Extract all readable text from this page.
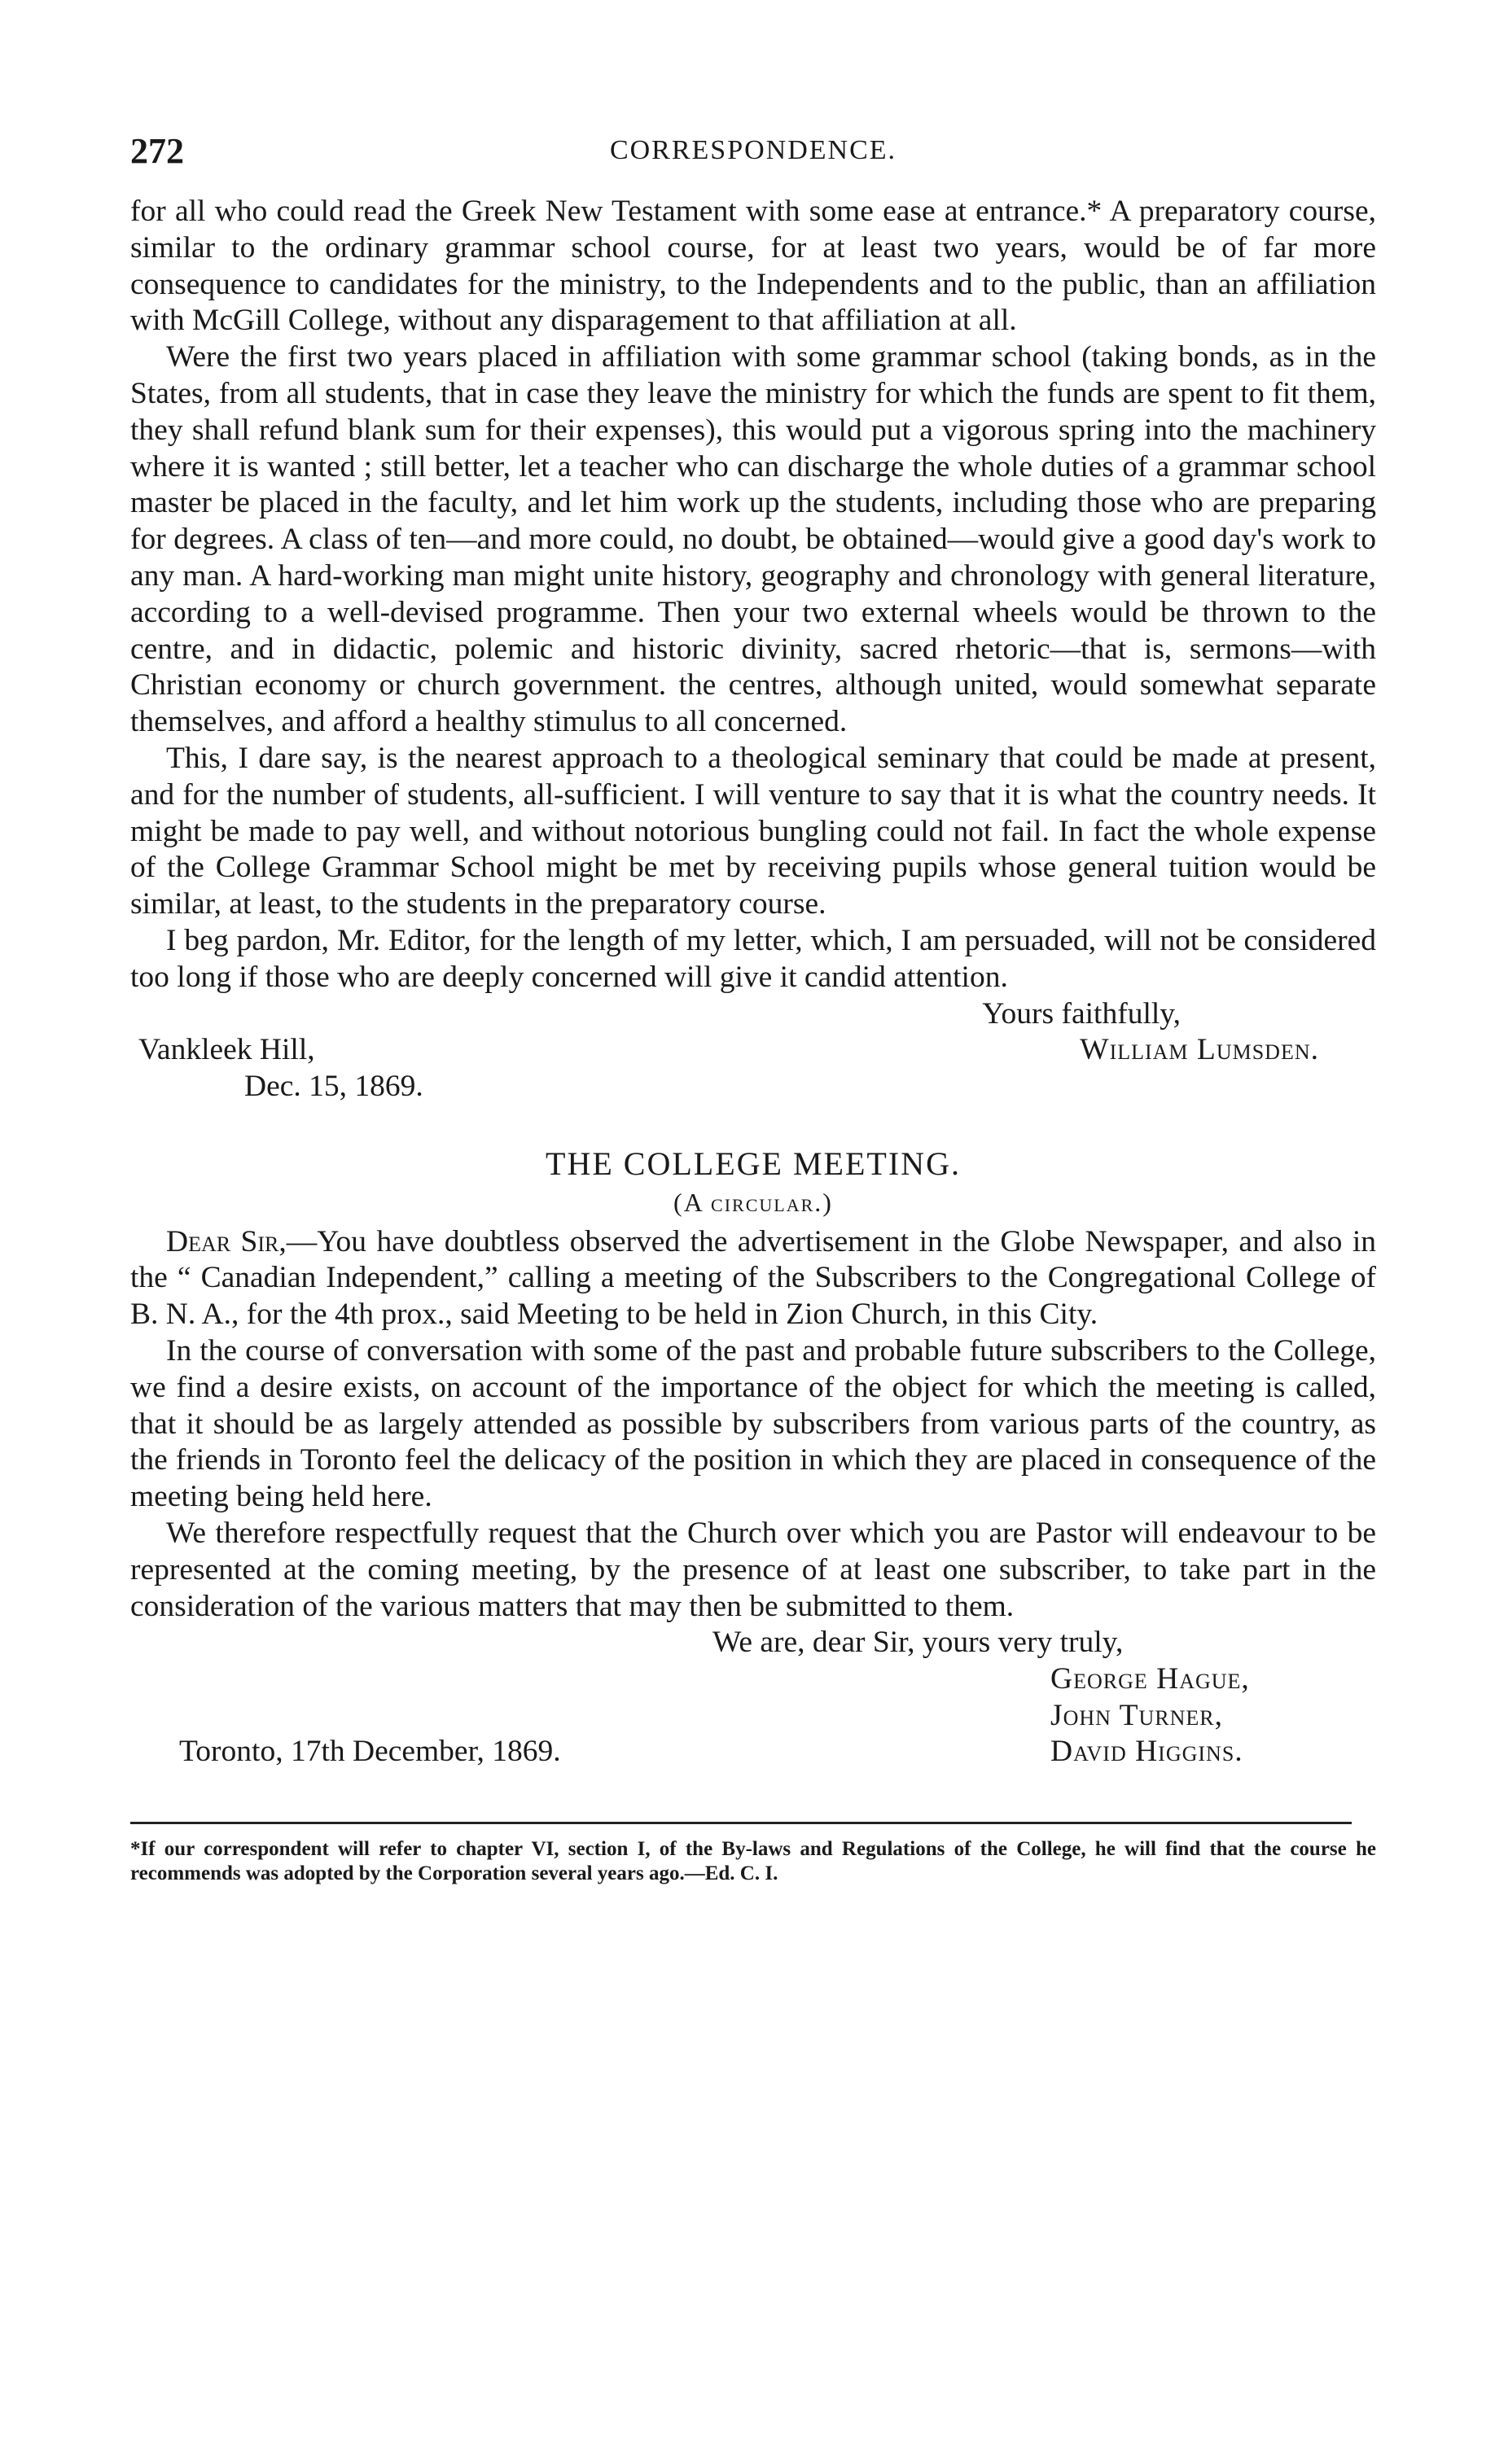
272	CORRESPONDENCE.

for all who could read the Greek New Testament with some ease at entrance.* A preparatory course, similar to the ordinary grammar school course, for at least two years, would be of far more consequence to candidates for the ministry, to the Independents and to the public, than an affiliation with McGill College, without any disparagement to that affiliation at all.

Were the first two years placed in affiliation with some grammar school (taking bonds, as in the States, from all students, that in case they leave the ministry for which the funds are spent to fit them, they shall refund blank sum for their expenses), this would put a vigorous spring into the machinery where it is wanted ; still better, let a teacher who can discharge the whole duties of a grammar school master be placed in the faculty, and let him work up the students, including those who are preparing for degrees. A class of ten—and more could, no doubt, be obtained—would give a good day's work to any man. A hard-working man might unite history, geography and chronology with general literature, according to a well-devised programme. Then your two external wheels would be thrown to the centre, and in didactic, polemic and historic divinity, sacred rhetoric—that is, sermons—with Christian economy or church government. the centres, although united, would somewhat separate themselves, and afford a healthy stimulus to all concerned.

This, I dare say, is the nearest approach to a theological seminary that could be made at present, and for the number of students, all-sufficient. I will venture to say that it is what the country needs. It might be made to pay well, and without notorious bungling could not fail. In fact the whole expense of the College Grammar School might be met by receiving pupils whose general tuition would be similar, at least, to the students in the preparatory course.

I beg pardon, Mr. Editor, for the length of my letter, which, I am persuaded, will not be considered too long if those who are deeply concerned will give it candid attention.

Yours faithfully,
Vankleek Hill,	William Lumsden.
Dec. 15, 1869.
THE COLLEGE MEETING.
(A circular.)

Dear Sir,—You have doubtless observed the advertisement in the Globe Newspaper, and also in the “ Canadian Independent,” calling a meeting of the Subscribers to the Congregational College of B. N. A., for the 4th prox., said Meeting to be held in Zion Church, in this City.

In the course of conversation with some of the past and probable future subscribers to the College, we find a desire exists, on account of the importance of the object for which the meeting is called, that it should be as largely attended as possible by subscribers from various parts of the country, as the friends in Toronto feel the delicacy of the position in which they are placed in consequence of the meeting being held here.

We therefore respectfully request that the Church over which you are Pastor will endeavour to be represented at the coming meeting, by the presence of at least one subscriber, to take part in the consideration of the various matters that may then be submitted to them.

We are, dear Sir, yours very truly,
George Hague,
John Turner,
David Higgins.
Toronto, 17th December, 1869.
*If our correspondent will refer to chapter VI, section I, of the By-laws and Regulations of the College, he will find that the course he recommends was adopted by the Corporation several years ago.—Ed. C. I.
